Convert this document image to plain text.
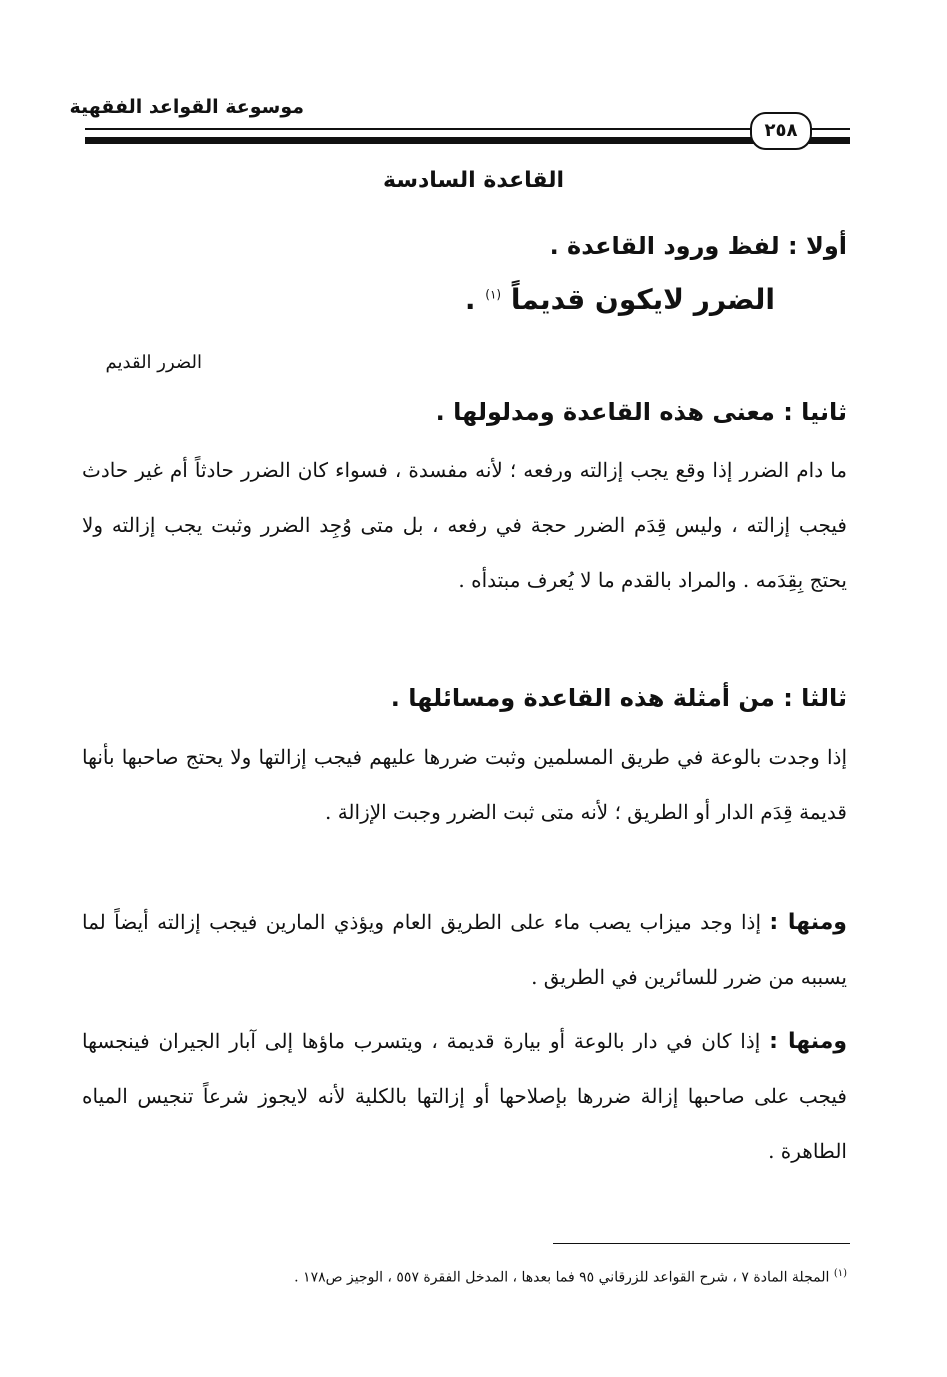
موسوعة القواعد الفقهية
٢٥٨
القاعدة السادسة
أولا : لفظ ورود القاعدة .
الضرر لايكون قديماً $^{(١)}$ .
الضرر القديم
ثانيا : معنى هذه القاعدة ومدلولها .
ما دام الضرر إذا وقع يجب إزالته ورفعه ؛ لأنه مفسدة ، فسواء كان الضرر حادثاً أم غير حادث فيجب إزالته ، وليس قِدَم الضرر حجة في رفعه ، بل متى وُجِد الضرر وثبت يجب إزالته ولا يحتج بِقِدَمه . والمراد بالقدم ما لا يُعرف مبتدأه .
ثالثا : من أمثلة هذه القاعدة ومسائلها .
إذا وجدت بالوعة في طريق المسلمين وثبت ضررها عليهم فيجب إزالتها ولا يحتج صاحبها بأنها قديمة قِدَم الدار أو الطريق ؛ لأنه متى ثبت الضرر وجبت الإزالة .
ومنها : إذا وجد ميزاب يصب ماء على الطريق العام ويؤذي المارين فيجب إزالته أيضاً لما يسببه من ضرر للسائرين في الطريق .
ومنها : إذا كان في دار بالوعة أو بيارة قديمة ، ويتسرب ماؤها إلى آبار الجيران فينجسها فيجب على صاحبها إزالة ضررها بإصلاحها أو إزالتها بالكلية لأنه لايجوز شرعاً تنجيس المياه الطاهرة .
$^{(١)}$ المجلة المادة ٧ ، شرح القواعد للزرقاني ٩٥ فما بعدها ، المدخل الفقرة ٥٥٧ ، الوجيز ص١٧٨ .
